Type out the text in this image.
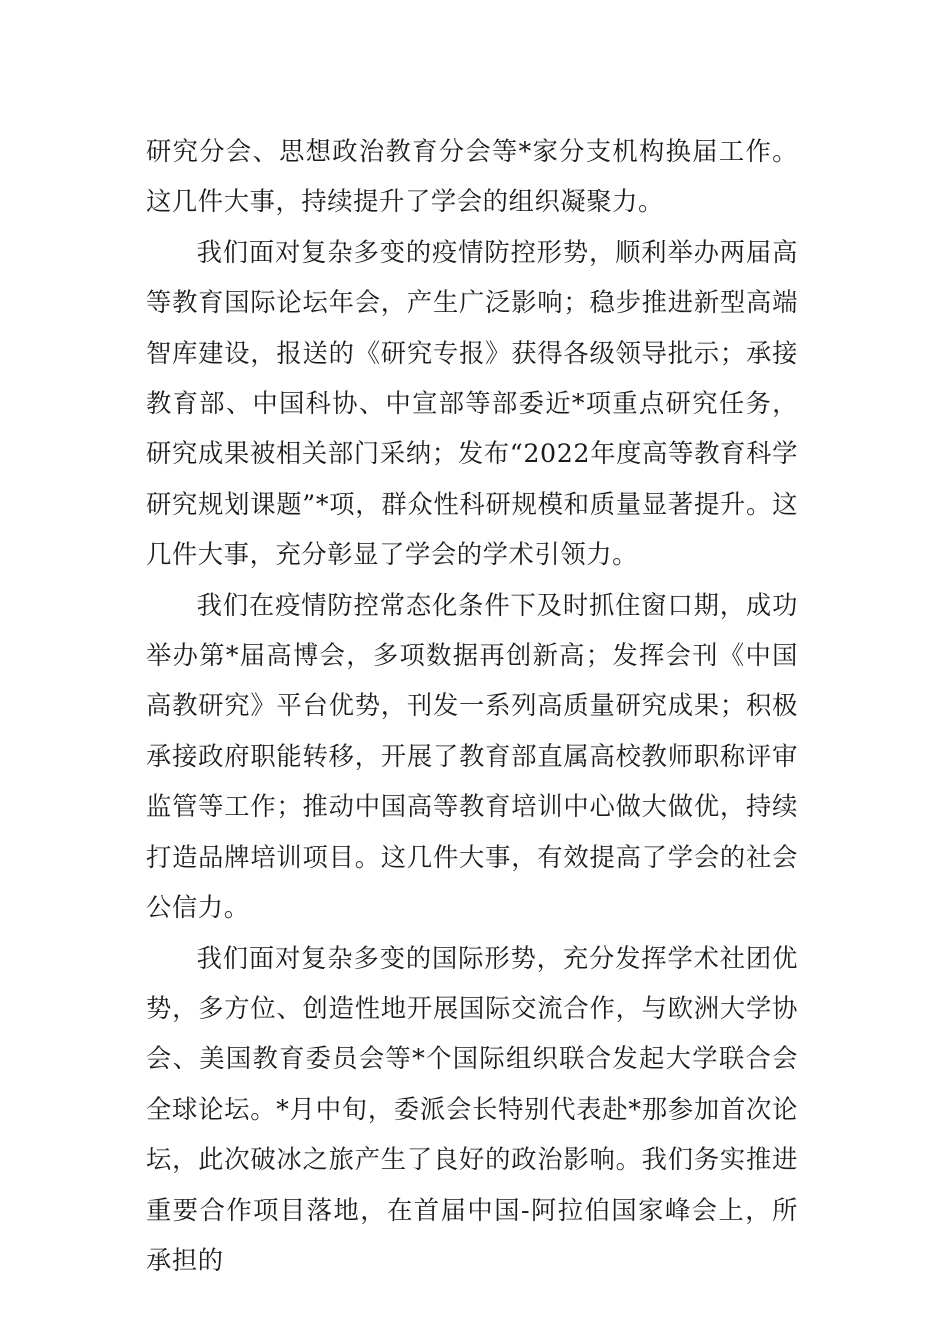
研究分会、思想政治教育分会等*家分支机构换届工作。这几件大事，持续提升了学会的组织凝聚力。

我们面对复杂多变的疫情防控形势，顺利举办两届高等教育国际论坛年会，产生广泛影响；稳步推进新型高端智库建设，报送的《研究专报》获得各级领导批示；承接教育部、中国科协、中宣部等部委近*项重点研究任务，研究成果被相关部门采纳；发布“2022年度高等教育科学研究规划课题”*项，群众性科研规模和质量显著提升。这几件大事，充分彰显了学会的学术引领力。

我们在疫情防控常态化条件下及时抓住窗口期，成功举办第*届高博会，多项数据再创新高；发挥会刊《中国高教研究》平台优势，刊发一系列高质量研究成果；积极承接政府职能转移，开展了教育部直属高校教师职称评审监管等工作；推动中国高等教育培训中心做大做优，持续打造品牌培训项目。这几件大事，有效提高了学会的社会公信力。

我们面对复杂多变的国际形势，充分发挥学术社团优势，多方位、创造性地开展国际交流合作，与欧洲大学协会、美国教育委员会等*个国际组织联合发起大学联合会全球论坛。*月中旬，委派会长特别代表赴*那参加首次论坛，此次破冰之旅产生了良好的政治影响。我们务实推进重要合作项目落地，在首届中国-阿拉伯国家峰会上，所承担的
